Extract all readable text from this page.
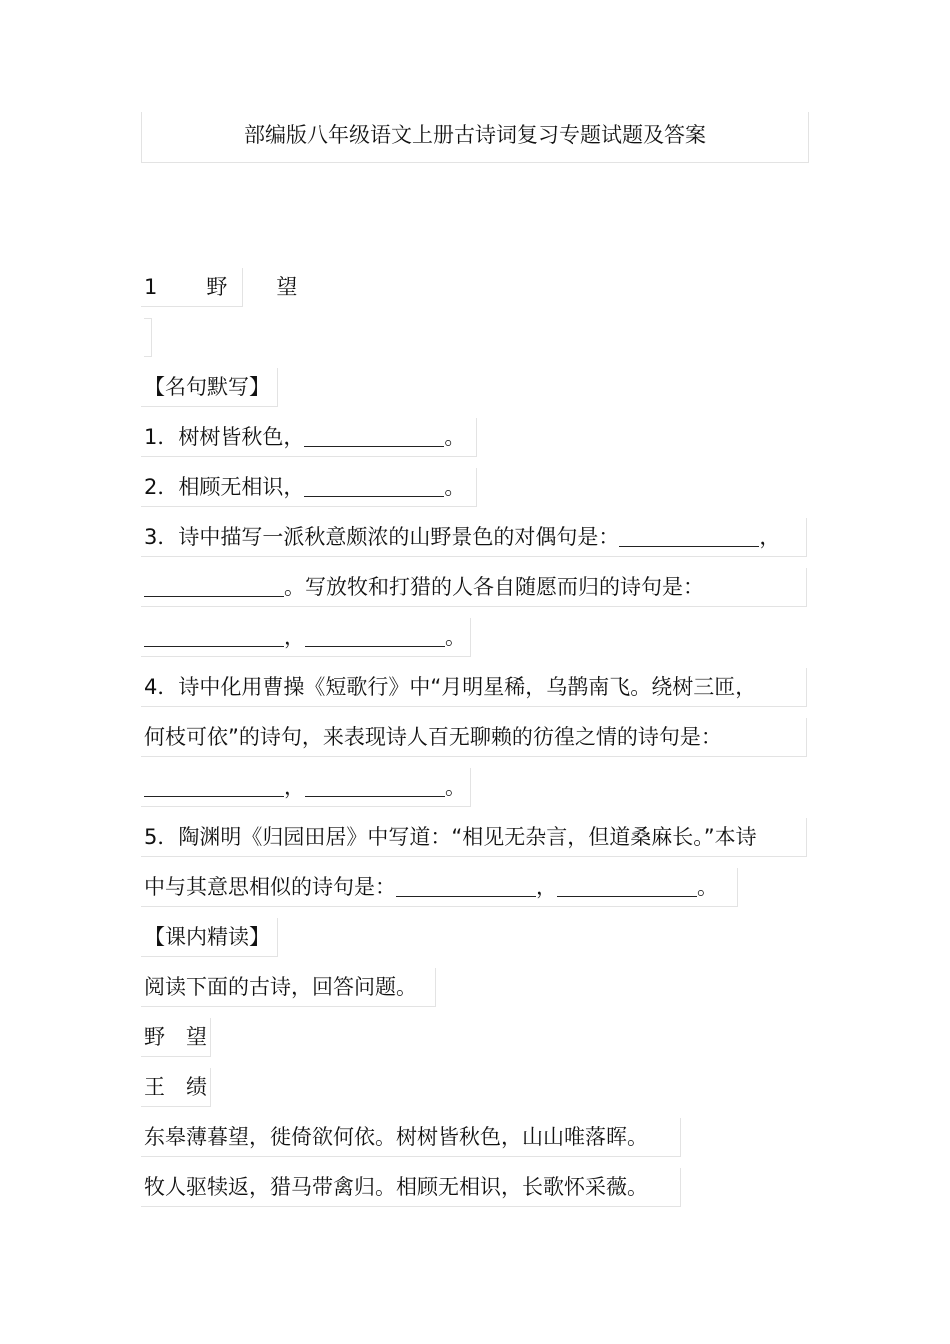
部编版八年级语文上册古诗词复习专题试题及答案
1　野　望
【名句默写】
1．树树皆秋色，	。
2．相顾无相识，	。
3．诗中描写一派秋意颇浓的山野景色的对偶句是：	，
。写放牧和打猎的人各自随愿而归的诗句是：
，	。
4．诗中化用曹操《短歌行》中“月明星稀，乌鹊南飞。绕树三匝，
何枝可依”的诗句，来表现诗人百无聊赖的彷徨之情的诗句是：
，	。
5．陶渊明《归园田居》中写道：“相见无杂言，但道桑麻长。”本诗
中与其意思相似的诗句是：	，	。
【课内精读】
阅读下面的古诗，回答问题。
野　望
王　绩
东皋薄暮望，徙倚欲何依。树树皆秋色，山山唯落晖。
牧人驱犊返，猎马带禽归。相顾无相识，长歌怀采薇。
